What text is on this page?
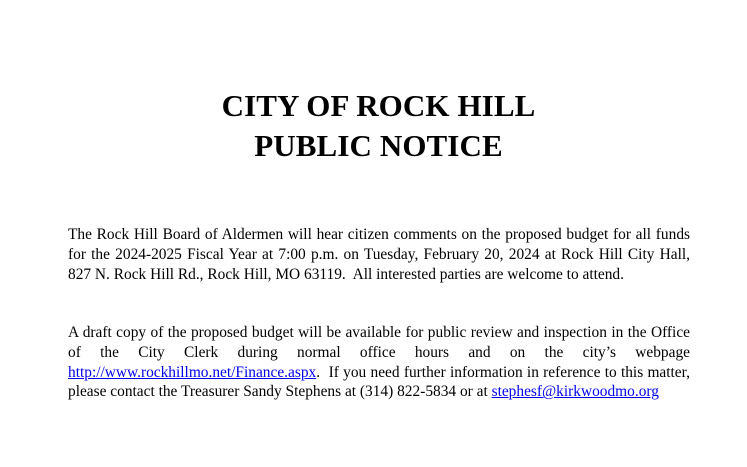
CITY OF ROCK HILL
PUBLIC NOTICE

The Rock Hill Board of Aldermen will hear citizen comments on the proposed budget for all funds for the 2024-2025 Fiscal Year at 7:00 p.m. on Tuesday, February 20, 2024 at Rock Hill City Hall, 827 N. Rock Hill Rd., Rock Hill, MO 63119.  All interested parties are welcome to attend.

A draft copy of the proposed budget will be available for public review and inspection in the Office of the City Clerk during normal office hours and on the city’s webpage http://www.rockhillmo.net/Finance.aspx.  If you need further information in reference to this matter, please contact the Treasurer Sandy Stephens at (314) 822-5834 or at stephesf@kirkwoodmo.org
